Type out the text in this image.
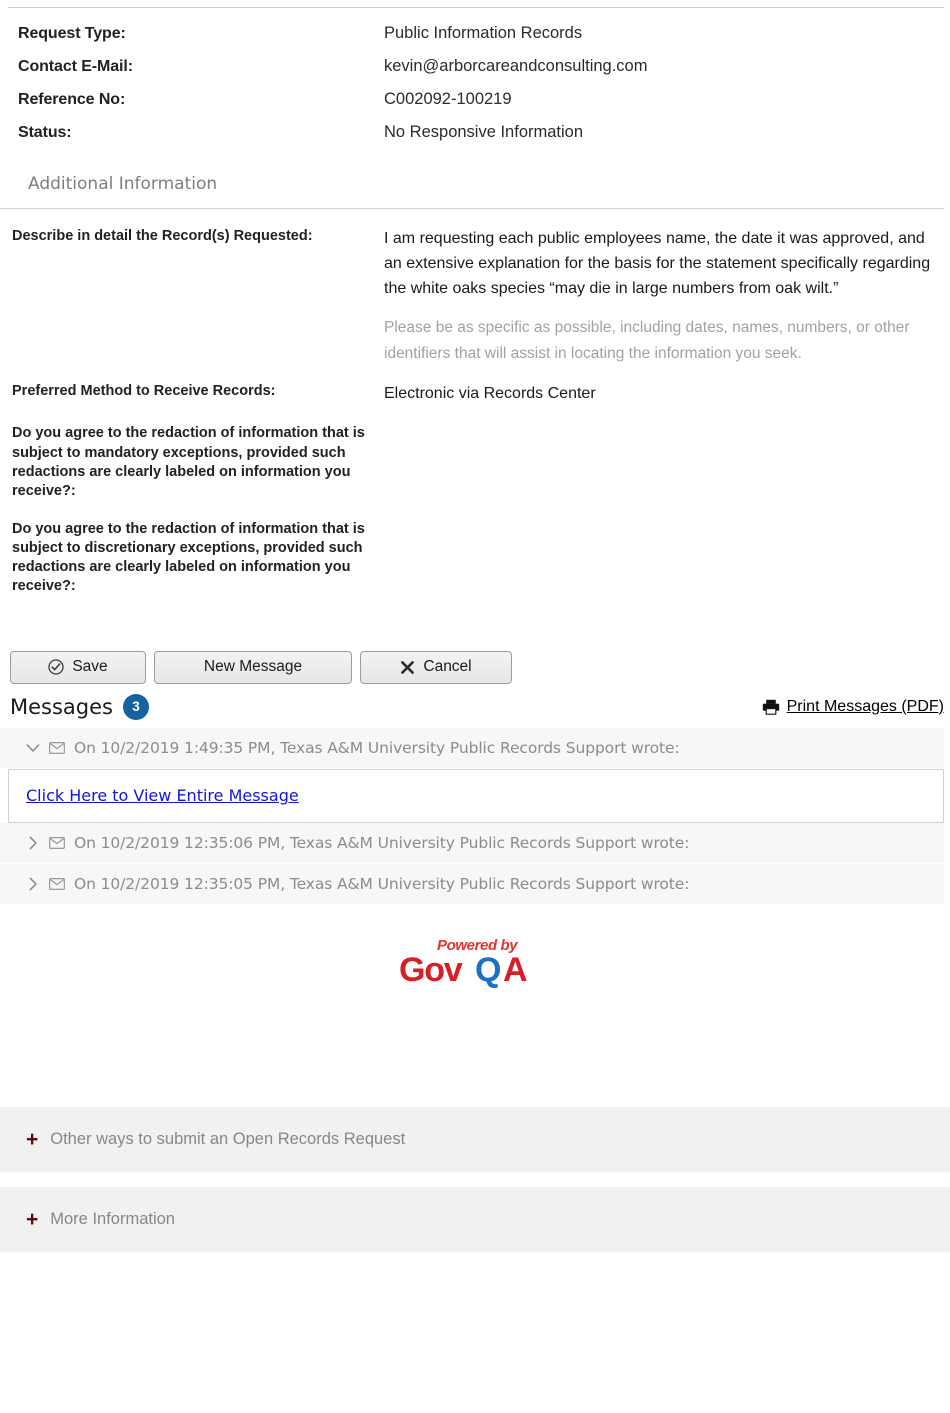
Request Type:	Public Information Records
Contact E-Mail:	kevin@arborcareandconsulting.com
Reference No:	C002092-100219
Status:	No Responsive Information
Additional Information
Describe in detail the Record(s) Requested:	I am requesting each public employees name, the date it was approved, and an extensive explanation for the basis for the statement specifically regarding the white oaks species “may die in large numbers from oak wilt.”
Please be as specific as possible, including dates, names, numbers, or other identifiers that will assist in locating the information you seek.
Preferred Method to Receive Records:	Electronic via Records Center
Do you agree to the redaction of information that is subject to mandatory exceptions, provided such redactions are clearly labeled on information you receive?:
Do you agree to the redaction of information that is subject to discretionary exceptions, provided such redactions are clearly labeled on information you receive?:
Save	New Message	Cancel
Messages	3	Print Messages (PDF)
On 10/2/2019 1:49:35 PM, Texas A&M University Public Records Support wrote:
Click Here to View Entire Message
On 10/2/2019 12:35:06 PM, Texas A&M University Public Records Support wrote:
On 10/2/2019 12:35:05 PM, Texas A&M University Public Records Support wrote:
Powered by
Gov Q A
+ Other ways to submit an Open Records Request
+ More Information
